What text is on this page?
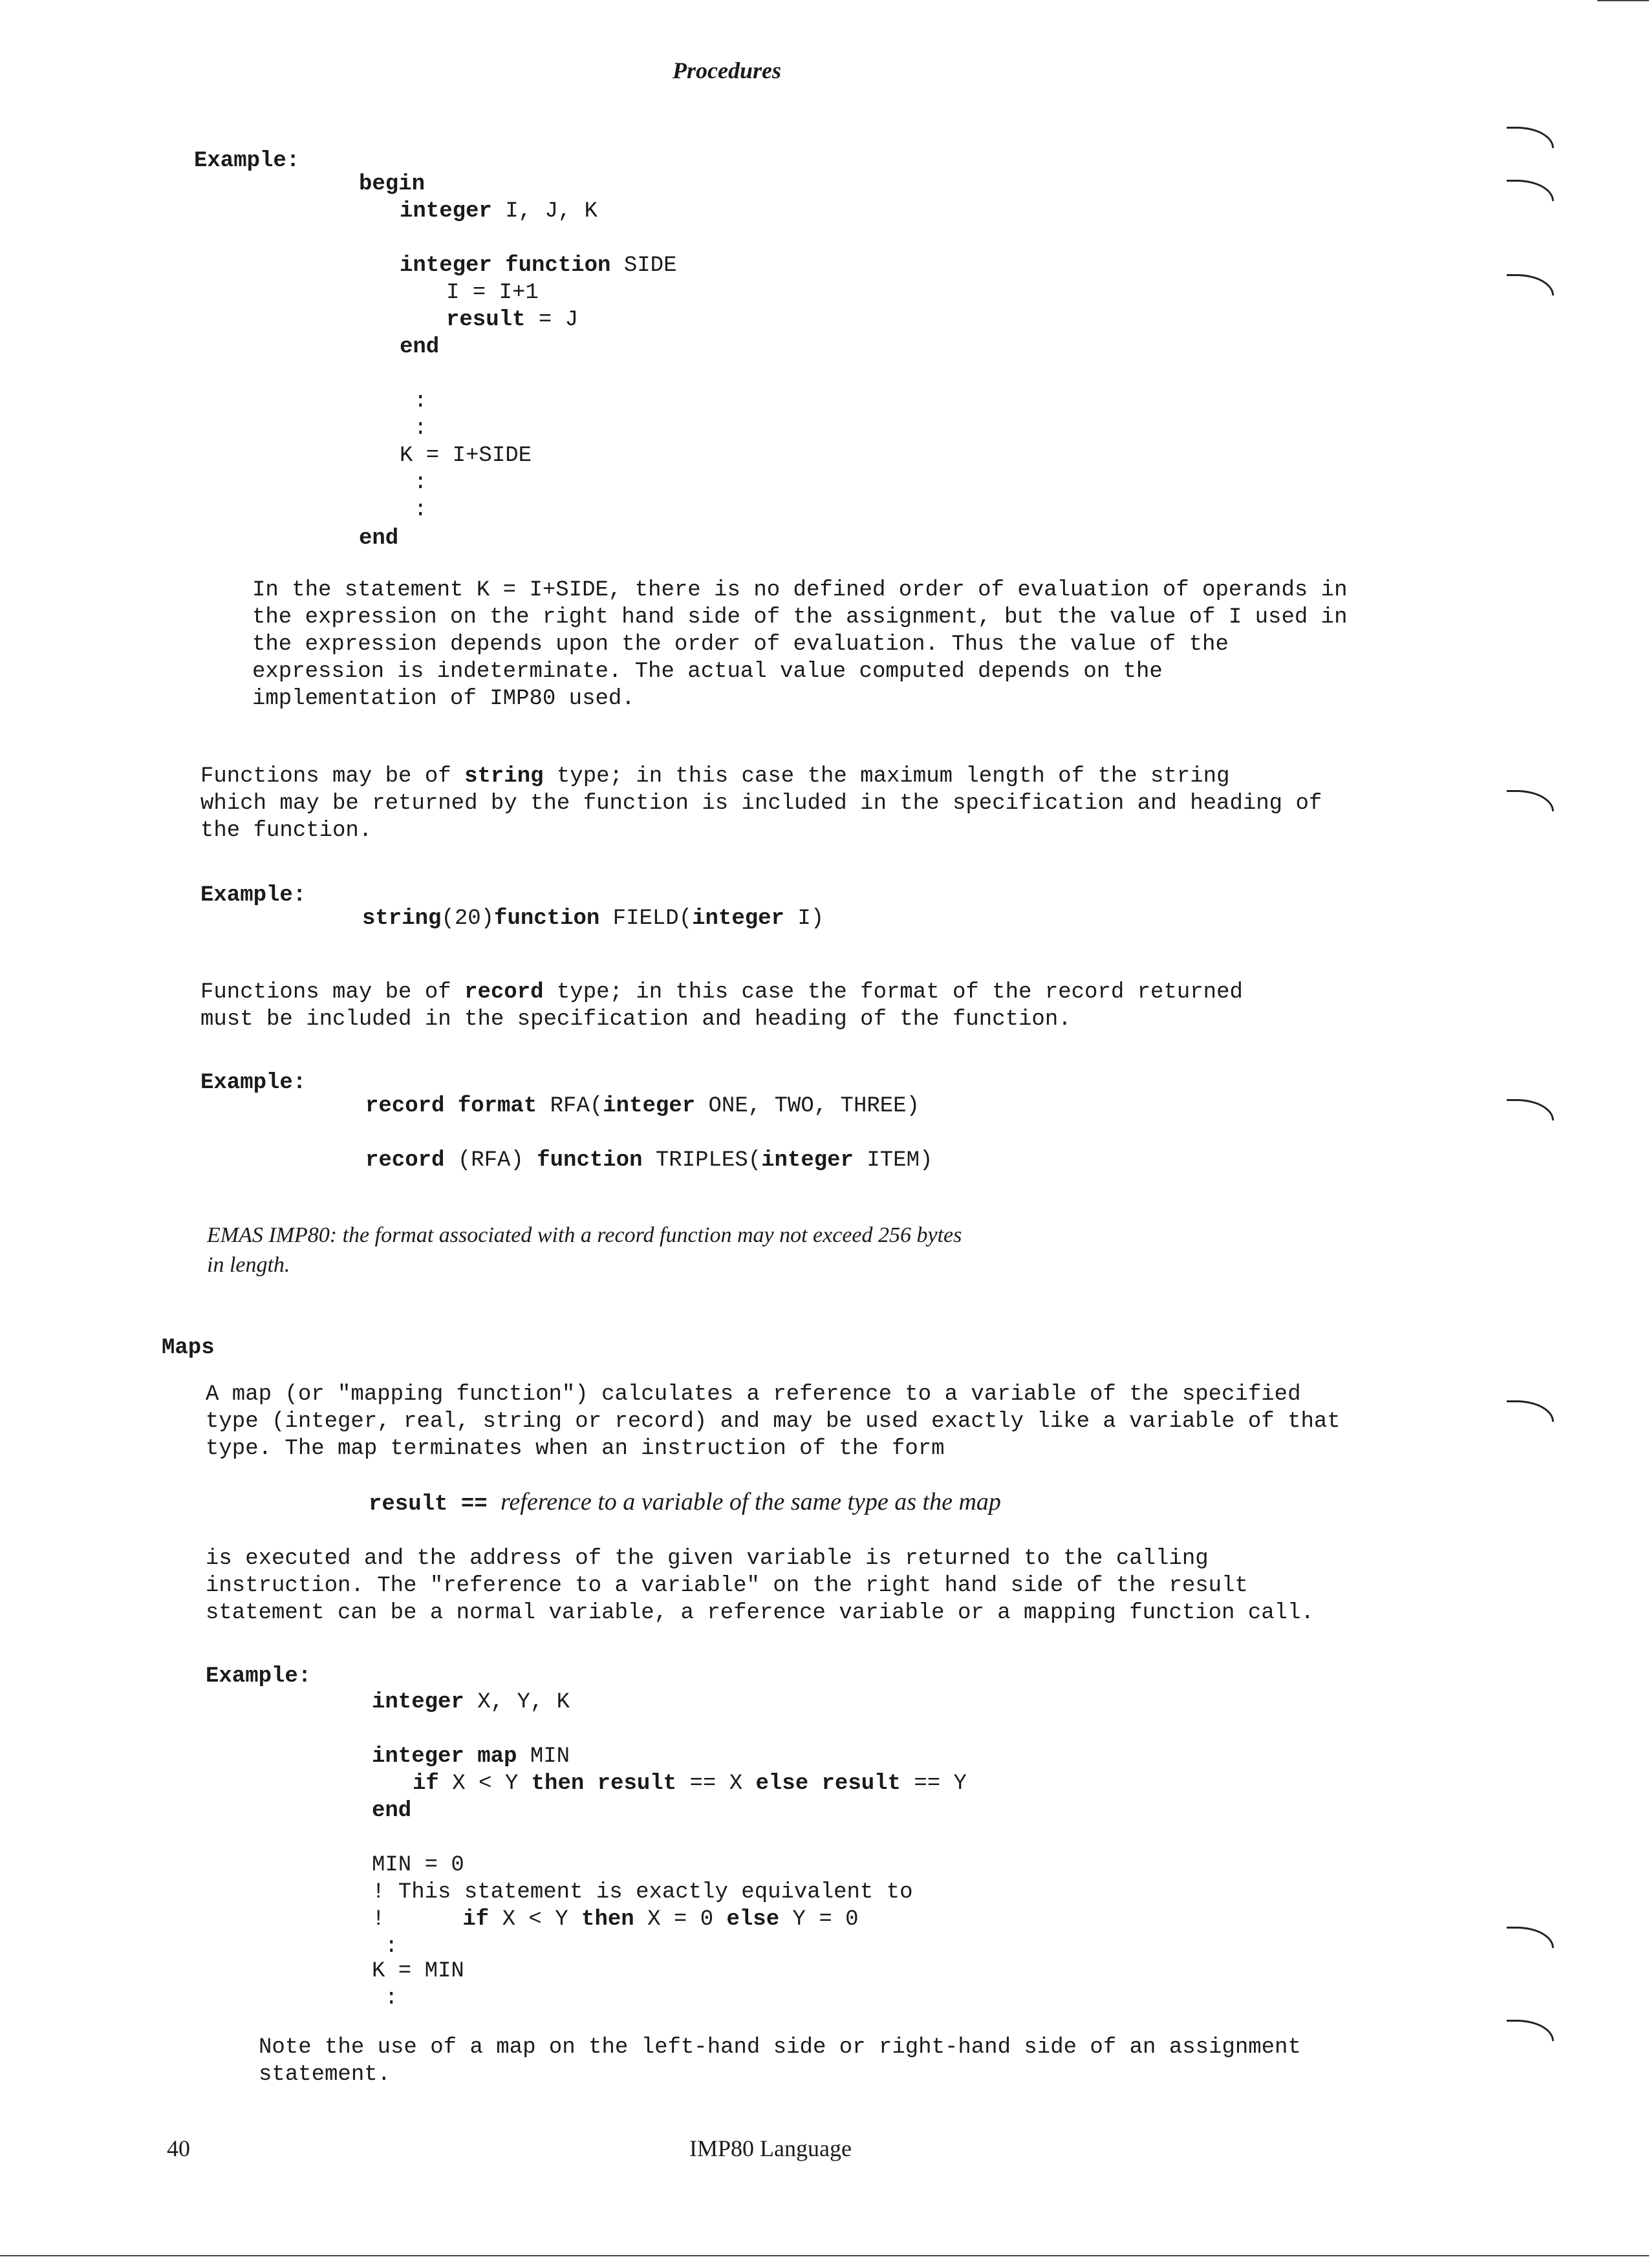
Procedures
Example:
begin
integer I, J, K
integer function SIDE
I = I+1
result = J
end
:
:
K = I+SIDE
:
:
end
In the statement K = I+SIDE, there is no defined order of evaluation of operands in
the expression on the right hand side of the assignment, but the value of I used in
the expression depends upon the order of evaluation. Thus the value of the
expression is indeterminate. The actual value computed depends on the
implementation of IMP80 used.
Functions may be of string type; in this case the maximum length of the string
which may be returned by the function is included in the specification and heading of
the function.
Example:
string(20)function FIELD(integer I)
Functions may be of record type; in this case the format of the record returned
must be included in the specification and heading of the function.
Example:
record format RFA(integer ONE, TWO, THREE)
record (RFA) function TRIPLES(integer ITEM)
EMAS IMP80: the format associated with a record function may not exceed 256 bytes
in length.
Maps
A map (or "mapping function") calculates a reference to a variable of the specified
type (integer, real, string or record) and may be used exactly like a variable of that
type. The map terminates when an instruction of the form
result == reference to a variable of the same type as the map
is executed and the address of the given variable is returned to the calling
instruction. The "reference to a variable" on the right hand side of the result
statement can be a normal variable, a reference variable or a mapping function call.
Example:
integer X, Y, K
integer map MIN
if X < Y then result == X else result == Y
end
MIN = 0
! This statement is exactly equivalent to
!	if X < Y then X = 0 else Y = 0
:
K = MIN
:
Note the use of a map on the left-hand side or right-hand side of an assignment
statement.
40	IMP80 Language
